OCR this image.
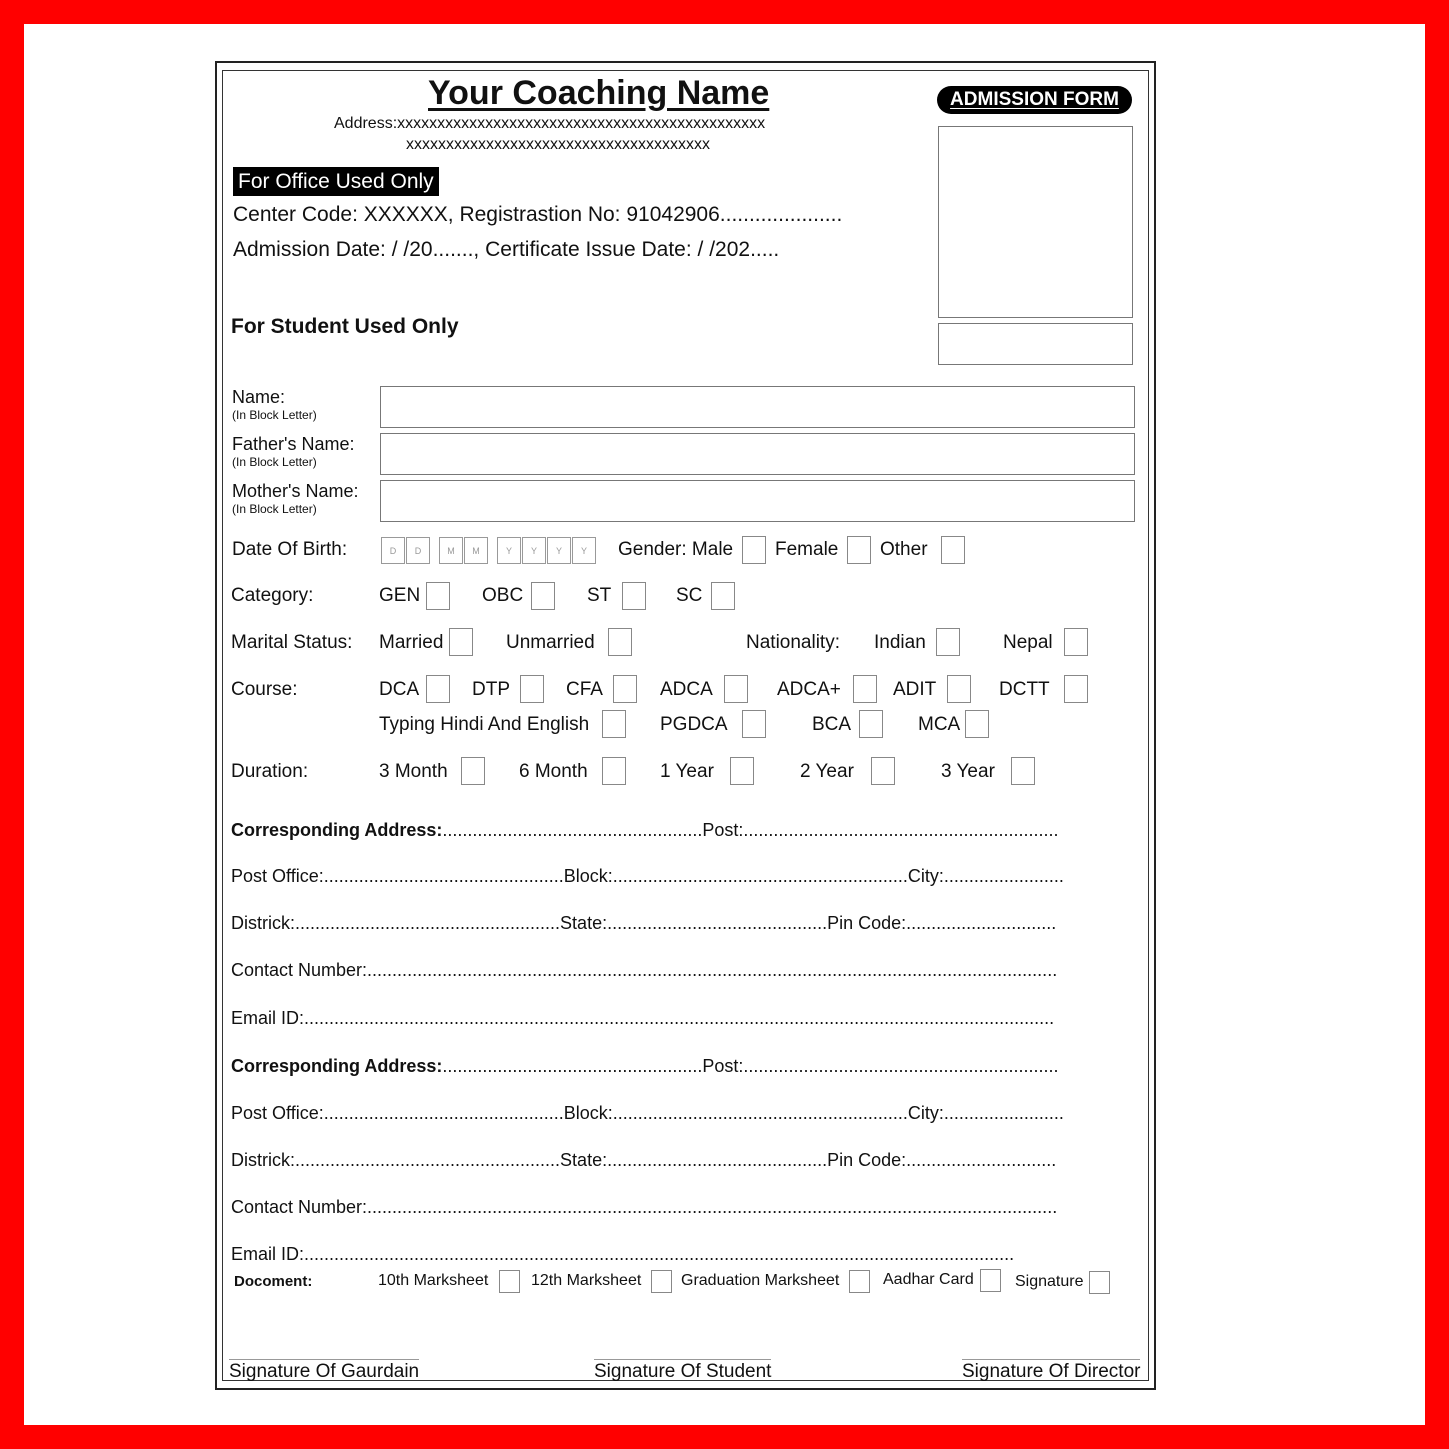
Your Coaching Name
Address:xxxxxxxxxxxxxxxxxxxxxxxxxxxxxxxxxxxxxxxxxxxxxx
xxxxxxxxxxxxxxxxxxxxxxxxxxxxxxxxxxxxxx
ADMISSION FORM
For Office Used Only
Center Code: XXXXXX, Registrastion No: 91042906.....................
Admission Date: / /20......., Certificate Issue Date: / /202.....
For Student Used Only
Name:
(In Block Letter)
Father's Name:
(In Block Letter)
Mother's Name:
(In Block Letter)
Date Of Birth:	D	D	M	M	Y	Y	Y	Y	Gender: Male Female Other
Category:	GEN	OBC	ST	SC
Marital Status: Married	Unmarried	Nationality: Indian	Nepal
Course:	DCA	DTP	CFA	ADCA	ADCA+	ADIT	DCTT
Typing Hindi And English	PGDCA	BCA	MCA
Duration:	3 Month	6 Month	1 Year	2 Year	3 Year
Corresponding Address:....................................................Post:...............................................................
Post Office:................................................Block:...........................................................City:........................
Districk:.....................................................State:............................................Pin Code:..............................
Contact Number:..........................................................................................................................................
Email ID:......................................................................................................................................................
Corresponding Address:....................................................Post:...............................................................
Post Office:................................................Block:...........................................................City:........................
Districk:.....................................................State:............................................Pin Code:..............................
Contact Number:..........................................................................................................................................
Email ID:..............................................................................................................................................
Docoment:	10th Marksheet	12th Marksheet Graduation Marksheet	Aadhar Card	Signature
Signature Of Gaurdain	Signature Of Student	Signature Of Director
